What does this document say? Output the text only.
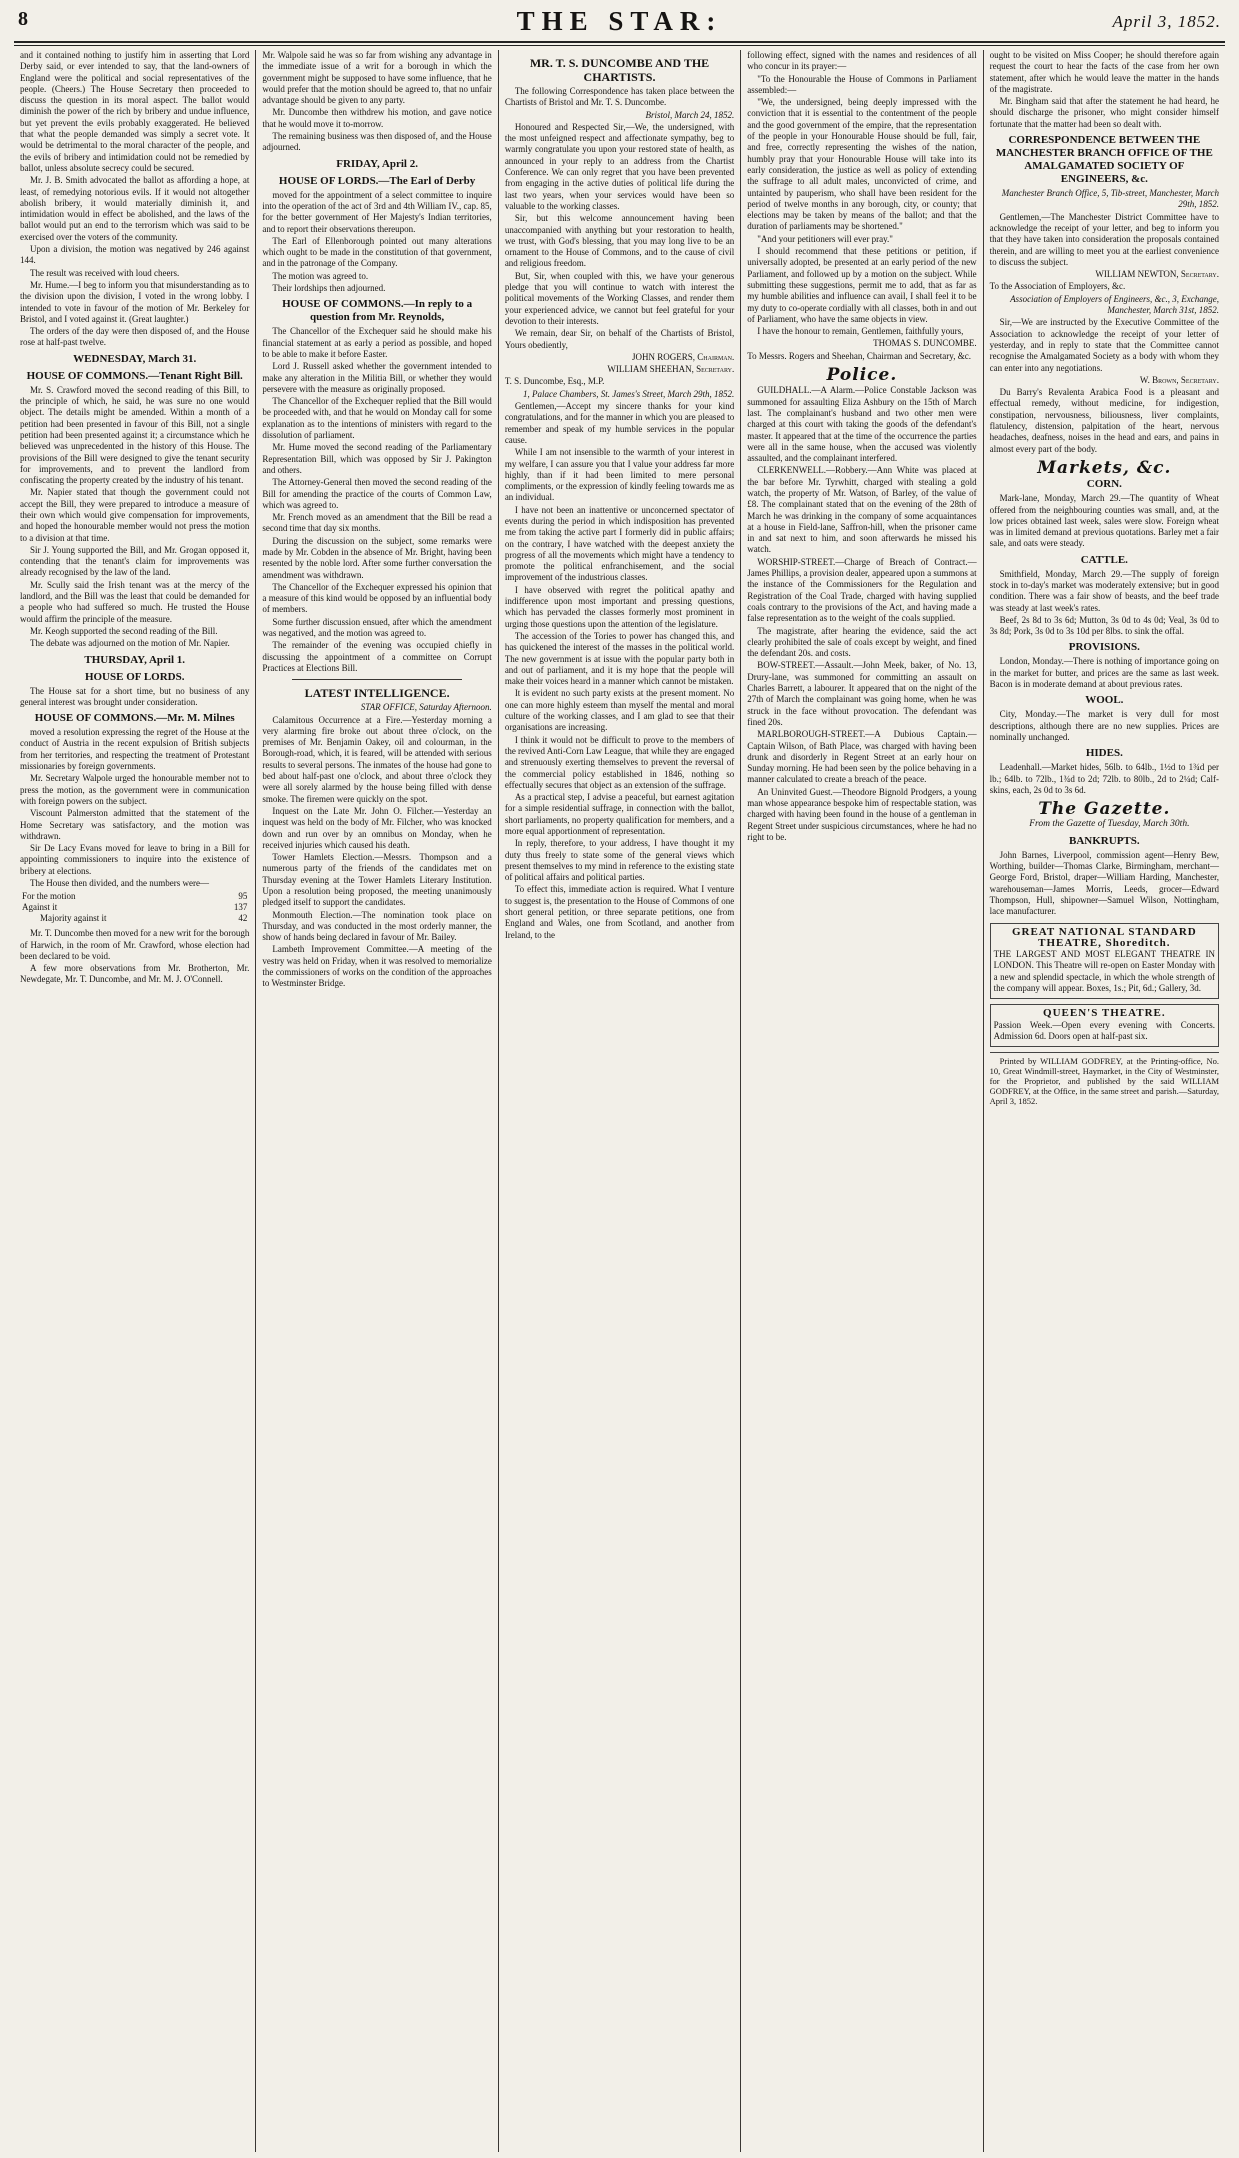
8	THE STAR:	April 3, 1852.

and it contained nothing to justify him in asserting that Lord Derby said, or ever intended to say, that the land-owners of England were the political and social representatives of the people. (Cheers.) The House Secretary then proceeded to discuss the question in its moral aspect. The ballot would diminish the power of the rich by bribery and undue influence, but yet prevent the evils probably exaggerated. He believed that what the people demanded was simply a secret vote. It would be detrimental to the moral character of the people, and the evils of bribery and intimidation could not be remedied by ballot, unless absolute secrecy could be secured.

Mr. J. B. Smith advocated the ballot as affording a hope, at least, of remedying notorious evils. If it would not altogether abolish bribery, it would materially diminish it, and intimidation would in effect be abolished, and the laws of the ballot would put an end to the terrorism which was said to be exercised over the voters of the community.

Upon a division, the motion was negatived by 246 against 144.

The result was received with loud cheers.

Mr. Hume.—I beg to inform you that misunderstanding as to the division upon the division, I voted in the wrong lobby. I intended to vote in favour of the motion of Mr. Berkeley for Bristol, and I voted against it. (Great laughter.)

The orders of the day were then disposed of, and the House rose at half-past twelve.

WEDNESDAY, March 31.
HOUSE OF COMMONS.—Tenant Right Bill.

Mr. S. Crawford moved the second reading of this Bill, to the principle of which, he said, he was sure no one would object. The details might be amended. Within a month of a petition had been presented in favour of this Bill, not a single petition had been presented against it; a circumstance which he believed was unprecedented in the history of this House. The provisions of the Bill were designed to give the tenant security for improvements, and to prevent the landlord from confiscating the property created by the industry of his tenant.

Mr. Napier stated that though the government could not accept the Bill, they were prepared to introduce a measure of their own which would give compensation for improvements, and hoped the honourable member would not press the motion to a division at that time.

Sir J. Young supported the Bill, and Mr. Grogan opposed it, contending that the tenant's claim for improvements was already recognised by the law of the land.

Mr. Scully said the Irish tenant was at the mercy of the landlord, and the Bill was the least that could be demanded for a people who had suffered so much. He trusted the House would affirm the principle of the measure.

Mr. Keogh supported the second reading of the Bill.

The debate was adjourned on the motion of Mr. Napier.

THURSDAY, April 1.
HOUSE OF LORDS.

The House sat for a short time, but no business of any general interest was brought under consideration.

HOUSE OF COMMONS.—Mr. M. Milnes

moved a resolution expressing the regret of the House at the conduct of Austria in the recent expulsion of British subjects from her territories, and respecting the treatment of Protestant missionaries by foreign governments.

Mr. Secretary Walpole urged the honourable member not to press the motion, as the government were in communication with foreign powers on the subject.

Viscount Palmerston admitted that the statement of the Home Secretary was satisfactory, and the motion was withdrawn.

Sir De Lacy Evans moved for leave to bring in a Bill for appointing commissioners to inquire into the existence of bribery at elections.

The House then divided, and the numbers were—

For the motion	95
Against it	137
Majority against it	42

Mr. T. Duncombe then moved for a new writ for the borough of Harwich, in the room of Mr. Crawford, whose election had been declared to be void.

A few more observations from Mr. Brotherton, Mr. Newdegate, Mr. T. Duncombe, and Mr. M. J. O'Connell.

Mr. Walpole said he was so far from wishing any advantage in the immediate issue of a writ for a borough in which the government might be supposed to have some influence, that he would prefer that the motion should be agreed to, that no unfair advantage should be given to any party.

Mr. Duncombe then withdrew his motion, and gave notice that he would move it to-morrow.

The remaining business was then disposed of, and the House adjourned.

FRIDAY, April 2.
HOUSE OF LORDS.—The Earl of Derby

moved for the appointment of a select committee to inquire into the operation of the act of 3rd and 4th William IV., cap. 85, for the better government of Her Majesty's Indian territories, and to report their observations thereupon.

The Earl of Ellenborough pointed out many alterations which ought to be made in the constitution of that government, and in the patronage of the Company.

The motion was agreed to.

Their lordships then adjourned.

HOUSE OF COMMONS.—In reply to a question from Mr. Reynolds,

The Chancellor of the Exchequer said he should make his financial statement at as early a period as possible, and hoped to be able to make it before Easter.

Lord J. Russell asked whether the government intended to make any alteration in the Militia Bill, or whether they would persevere with the measure as originally proposed.

The Chancellor of the Exchequer replied that the Bill would be proceeded with, and that he would on Monday call for some explanation as to the intentions of ministers with regard to the dissolution of parliament.

Mr. Hume moved the second reading of the Parliamentary Representation Bill, which was opposed by Sir J. Pakington and others.

The Attorney-General then moved the second reading of the Bill for amending the practice of the courts of Common Law, which was agreed to.

Mr. French moved as an amendment that the Bill be read a second time that day six months.

During the discussion on the subject, some remarks were made by Mr. Cobden in the absence of Mr. Bright, having been resented by the noble lord. After some further conversation the amendment was withdrawn.

The Chancellor of the Exchequer expressed his opinion that a measure of this kind would be opposed by an influential body of members.

Some further discussion ensued, after which the amendment was negatived, and the motion was agreed to.

The remainder of the evening was occupied chiefly in discussing the appointment of a committee on Corrupt Practices at Elections Bill.

LATEST INTELLIGENCE.

STAR OFFICE, Saturday Afternoon.

Calamitous Occurrence at a Fire.—Yesterday morning a very alarming fire broke out about three o'clock, on the premises of Mr. Benjamin Oakey, oil and colourman, in the Borough-road, which, it is feared, will be attended with serious results to several persons. The inmates of the house had gone to bed about half-past one o'clock, and about three o'clock they were all sorely alarmed by the house being filled with dense smoke. The firemen were quickly on the spot.

Inquest on the Late Mr. John O. Filcher.—Yesterday an inquest was held on the body of Mr. Filcher, who was knocked down and run over by an omnibus on Monday, when he received injuries which caused his death.

Tower Hamlets Election.—Messrs. Thompson and a numerous party of the friends of the candidates met on Thursday evening at the Tower Hamlets Literary Institution. Upon a resolution being proposed, the meeting unanimously pledged itself to support the candidates.

Monmouth Election.—The nomination took place on Thursday, and was conducted in the most orderly manner, the show of hands being declared in favour of Mr. Bailey.

Lambeth Improvement Committee.—A meeting of the vestry was held on Friday, when it was resolved to memorialize the commissioners of works on the condition of the approaches to Westminster Bridge.

MR. T. S. DUNCOMBE AND THE CHARTISTS.

The following Correspondence has taken place between the Chartists of Bristol and Mr. T. S. Duncombe.

Bristol, March 24, 1852.

Honoured and Respected Sir,—We, the undersigned, with the most unfeigned respect and affectionate sympathy, beg to warmly congratulate you upon your restored state of health, as announced in your reply to an address from the Chartist Conference. We can only regret that you have been prevented from engaging in the active duties of political life during the last two years, when your services would have been so valuable to the working classes.

Sir, but this welcome announcement having been unaccompanied with anything but your restoration to health, we trust, with God's blessing, that you may long live to be an ornament to the House of Commons, and to the cause of civil and religious freedom.

But, Sir, when coupled with this, we have your generous pledge that you will continue to watch with interest the political movements of the Working Classes, and render them your experienced advice, we cannot but feel grateful for your devotion to their interests.

We remain, dear Sir, on behalf of the Chartists of Bristol, Yours obediently,

JOHN ROGERS, Chairman.

WILLIAM SHEEHAN, Secretary.

T. S. Duncombe, Esq., M.P.

1, Palace Chambers, St. James's Street, March 29th, 1852.

Gentlemen,—Accept my sincere thanks for your kind congratulations, and for the manner in which you are pleased to remember and speak of my humble services in the popular cause.

While I am not insensible to the warmth of your interest in my welfare, I can assure you that I value your address far more highly, than if it had been limited to mere personal compliments, or the expression of kindly feeling towards me as an individual.

I have not been an inattentive or unconcerned spectator of events during the period in which indisposition has prevented me from taking the active part I formerly did in public affairs; on the contrary, I have watched with the deepest anxiety the progress of all the movements which might have a tendency to promote the political enfranchisement, and the social improvement of the industrious classes.

I have observed with regret the political apathy and indifference upon most important and pressing questions, which has pervaded the classes formerly most prominent in urging those questions upon the attention of the legislature.

The accession of the Tories to power has changed this, and has quickened the interest of the masses in the political world. The new government is at issue with the popular party both in and out of parliament, and it is my hope that the people will make their voices heard in a manner which cannot be mistaken.

It is evident no such party exists at the present moment. No one can more highly esteem than myself the mental and moral culture of the working classes, and I am glad to see that their organisations are increasing.

I think it would not be difficult to prove to the members of the revived Anti-Corn Law League, that while they are engaged and strenuously exerting themselves to prevent the reversal of the commercial policy established in 1846, nothing so effectually secures that object as an extension of the suffrage.

As a practical step, I advise a peaceful, but earnest agitation for a simple residential suffrage, in connection with the ballot, short parliaments, no property qualification for members, and a more equal apportionment of representation.

In reply, therefore, to your address, I have thought it my duty thus freely to state some of the general views which present themselves to my mind in reference to the existing state of political affairs and political parties.

To effect this, immediate action is required. What I venture to suggest is, the presentation to the House of Commons of one short general petition, or three separate petitions, one from England and Wales, one from Scotland, and another from Ireland, to the

following effect, signed with the names and residences of all who concur in its prayer:—

"To the Honourable the House of Commons in Parliament assembled:—

"We, the undersigned, being deeply impressed with the conviction that it is essential to the contentment of the people and the good government of the empire, that the representation of the people in your Honourable House should be full, fair, and free, correctly representing the wishes of the nation, humbly pray that your Honourable House will take into its early consideration, the justice as well as policy of extending the suffrage to all adult males, unconvicted of crime, and untainted by pauperism, who shall have been resident for the period of twelve months in any borough, city, or county; that elections may be taken by means of the ballot; and that the duration of parliaments may be shortened."

"And your petitioners will ever pray."

I should recommend that these petitions or petition, if universally adopted, be presented at an early period of the new Parliament, and followed up by a motion on the subject. While submitting these suggestions, permit me to add, that as far as my humble abilities and influence can avail, I shall feel it to be my duty to co-operate cordially with all classes, both in and out of Parliament, who have the same objects in view.

I have the honour to remain, Gentlemen, faithfully yours,

THOMAS S. DUNCOMBE.

To Messrs. Rogers and Sheehan, Chairman and Secretary, &c.

Police.

GUILDHALL.—A Alarm.—Police Constable Jackson was summoned for assaulting Eliza Ashbury on the 15th of March last. The complainant's husband and two other men were charged at this court with taking the goods of the defendant's master. It appeared that at the time of the occurrence the parties were all in the same house, when the accused was violently assaulted, and the complainant interfered.

CLERKENWELL.—Robbery.—Ann White was placed at the bar before Mr. Tyrwhitt, charged with stealing a gold watch, the property of Mr. Watson, of Barley, of the value of £8. The complainant stated that on the evening of the 28th of March he was drinking in the company of some acquaintances at a house in Field-lane, Saffron-hill, when the prisoner came in and sat next to him, and soon afterwards he missed his watch.

WORSHIP-STREET.—Charge of Breach of Contract.—James Phillips, a provision dealer, appeared upon a summons at the instance of the Commissioners for the Regulation and Registration of the Coal Trade, charged with having supplied coals contrary to the provisions of the Act, and having made a false representation as to the weight of the coals supplied.

The magistrate, after hearing the evidence, said the act clearly prohibited the sale of coals except by weight, and fined the defendant 20s. and costs.

BOW-STREET.—Assault.—John Meek, baker, of No. 13, Drury-lane, was summoned for committing an assault on Charles Barrett, a labourer. It appeared that on the night of the 27th of March the complainant was going home, when he was struck in the face without provocation. The defendant was fined 20s.

MARLBOROUGH-STREET.—A Dubious Captain.—Captain Wilson, of Bath Place, was charged with having been drunk and disorderly in Regent Street at an early hour on Sunday morning. He had been seen by the police behaving in a manner calculated to create a breach of the peace.

An Uninvited Guest.—Theodore Bignold Prodgers, a young man whose appearance bespoke him of respectable station, was charged with having been found in the house of a gentleman in Regent Street under suspicious circumstances, where he had no right to be.

ought to be visited on Miss Cooper; he should therefore again request the court to hear the facts of the case from her own statement, after which he would leave the matter in the hands of the magistrate.

Mr. Bingham said that after the statement he had heard, he should discharge the prisoner, who might consider himself fortunate that the matter had been so dealt with.

CORRESPONDENCE BETWEEN THE MANCHESTER BRANCH OFFICE OF THE AMALGAMATED SOCIETY OF ENGINEERS, &c.

Manchester Branch Office, 5, Tib-street, Manchester, March 29th, 1852.

Gentlemen,—The Manchester District Committee have to acknowledge the receipt of your letter, and beg to inform you that they have taken into consideration the proposals contained therein, and are willing to meet you at the earliest convenience to discuss the subject.

WILLIAM NEWTON, Secretary.

To the Association of Employers, &c.

Association of Employers of Engineers, &c., 3, Exchange, Manchester, March 31st, 1852.

Sir,—We are instructed by the Executive Committee of the Association to acknowledge the receipt of your letter of yesterday, and in reply to state that the Committee cannot recognise the Amalgamated Society as a body with whom they can enter into any negotiations.

W. Brown, Secretary.

Du Barry's Revalenta Arabica Food is a pleasant and effectual remedy, without medicine, for indigestion, constipation, nervousness, biliousness, liver complaints, flatulency, distension, palpitation of the heart, nervous headaches, deafness, noises in the head and ears, and pains in almost every part of the body.

Markets, &c.
CORN.

Mark-lane, Monday, March 29.—The quantity of Wheat offered from the neighbouring counties was small, and, at the low prices obtained last week, sales were slow. Foreign wheat was in limited demand at previous quotations. Barley met a fair sale, and oats were steady.

CATTLE.

Smithfield, Monday, March 29.—The supply of foreign stock in to-day's market was moderately extensive; but in good condition. There was a fair show of beasts, and the beef trade was steady at last week's rates.

Beef, 2s 8d to 3s 6d; Mutton, 3s 0d to 4s 0d; Veal, 3s 0d to 3s 8d; Pork, 3s 0d to 3s 10d per 8lbs. to sink the offal.

PROVISIONS.

London, Monday.—There is nothing of importance going on in the market for butter, and prices are the same as last week. Bacon is in moderate demand at about previous rates.

WOOL.

City, Monday.—The market is very dull for most descriptions, although there are no new supplies. Prices are nominally unchanged.

HIDES.

Leadenhall.—Market hides, 56lb. to 64lb., 1½d to 1¾d per lb.; 64lb. to 72lb., 1¾d to 2d; 72lb. to 80lb., 2d to 2¼d; Calf-skins, each, 2s 0d to 3s 6d.

The Gazette.

From the Gazette of Tuesday, March 30th.

BANKRUPTS.

John Barnes, Liverpool, commission agent—Henry Bew, Worthing, builder—Thomas Clarke, Birmingham, merchant—George Ford, Bristol, draper—William Harding, Manchester, warehouseman—James Morris, Leeds, grocer—Edward Thompson, Hull, shipowner—Samuel Wilson, Nottingham, lace manufacturer.

GREAT NATIONAL STANDARD THEATRE, Shoreditch.

THE LARGEST AND MOST ELEGANT THEATRE IN LONDON. This Theatre will re-open on Easter Monday with a new and splendid spectacle, in which the whole strength of the company will appear. Boxes, 1s.; Pit, 6d.; Gallery, 3d.

QUEEN'S THEATRE.

Passion Week.—Open every evening with Concerts. Admission 6d. Doors open at half-past six.

Printed by WILLIAM GODFREY, at the Printing-office, No. 10, Great Windmill-street, Haymarket, in the City of Westminster, for the Proprietor, and published by the said WILLIAM GODFREY, at the Office, in the same street and parish.—Saturday, April 3, 1852.
